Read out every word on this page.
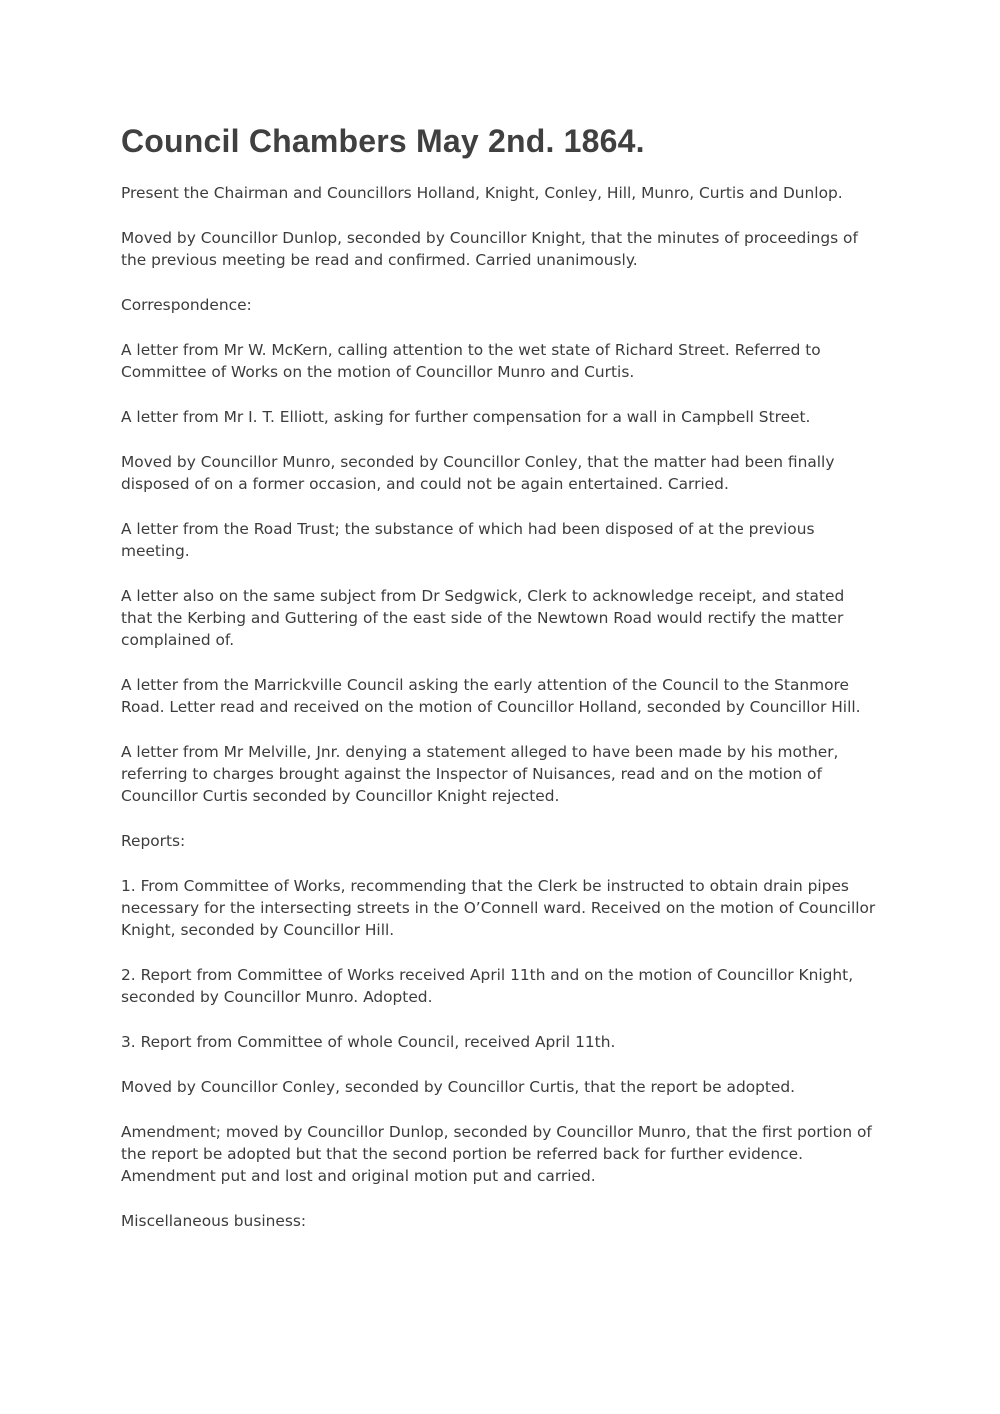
Council Chambers May 2nd. 1864.

Present the Chairman and Councillors Holland, Knight, Conley, Hill, Munro, Curtis and Dunlop.

Moved by Councillor Dunlop, seconded by Councillor Knight, that the minutes of proceedings of
the previous meeting be read and confirmed. Carried unanimously.

Correspondence:

A letter from Mr W. McKern, calling attention to the wet state of Richard Street. Referred to
Committee of Works on the motion of Councillor Munro and Curtis.

A letter from Mr I. T. Elliott, asking for further compensation for a wall in Campbell Street.

Moved by Councillor Munro, seconded by Councillor Conley, that the matter had been finally
disposed of on a former occasion, and could not be again entertained. Carried.

A letter from the Road Trust; the substance of which had been disposed of at the previous
meeting.

A letter also on the same subject from Dr Sedgwick, Clerk to acknowledge receipt, and stated
that the Kerbing and Guttering of the east side of the Newtown Road would rectify the matter
complained of.

A letter from the Marrickville Council asking the early attention of the Council to the Stanmore
Road. Letter read and received on the motion of Councillor Holland, seconded by Councillor Hill.

A letter from Mr Melville, Jnr. denying a statement alleged to have been made by his mother,
referring to charges brought against the Inspector of Nuisances, read and on the motion of
Councillor Curtis seconded by Councillor Knight rejected.

Reports:

1. From Committee of Works, recommending that the Clerk be instructed to obtain drain pipes
necessary for the intersecting streets in the O’Connell ward. Received on the motion of Councillor
Knight, seconded by Councillor Hill.

2. Report from Committee of Works received April 11th and on the motion of Councillor Knight,
seconded by Councillor Munro. Adopted.

3. Report from Committee of whole Council, received April 11th.

Moved by Councillor Conley, seconded by Councillor Curtis, that the report be adopted.

Amendment; moved by Councillor Dunlop, seconded by Councillor Munro, that the first portion of
the report be adopted but that the second portion be referred back for further evidence.
Amendment put and lost and original motion put and carried.

Miscellaneous business:
